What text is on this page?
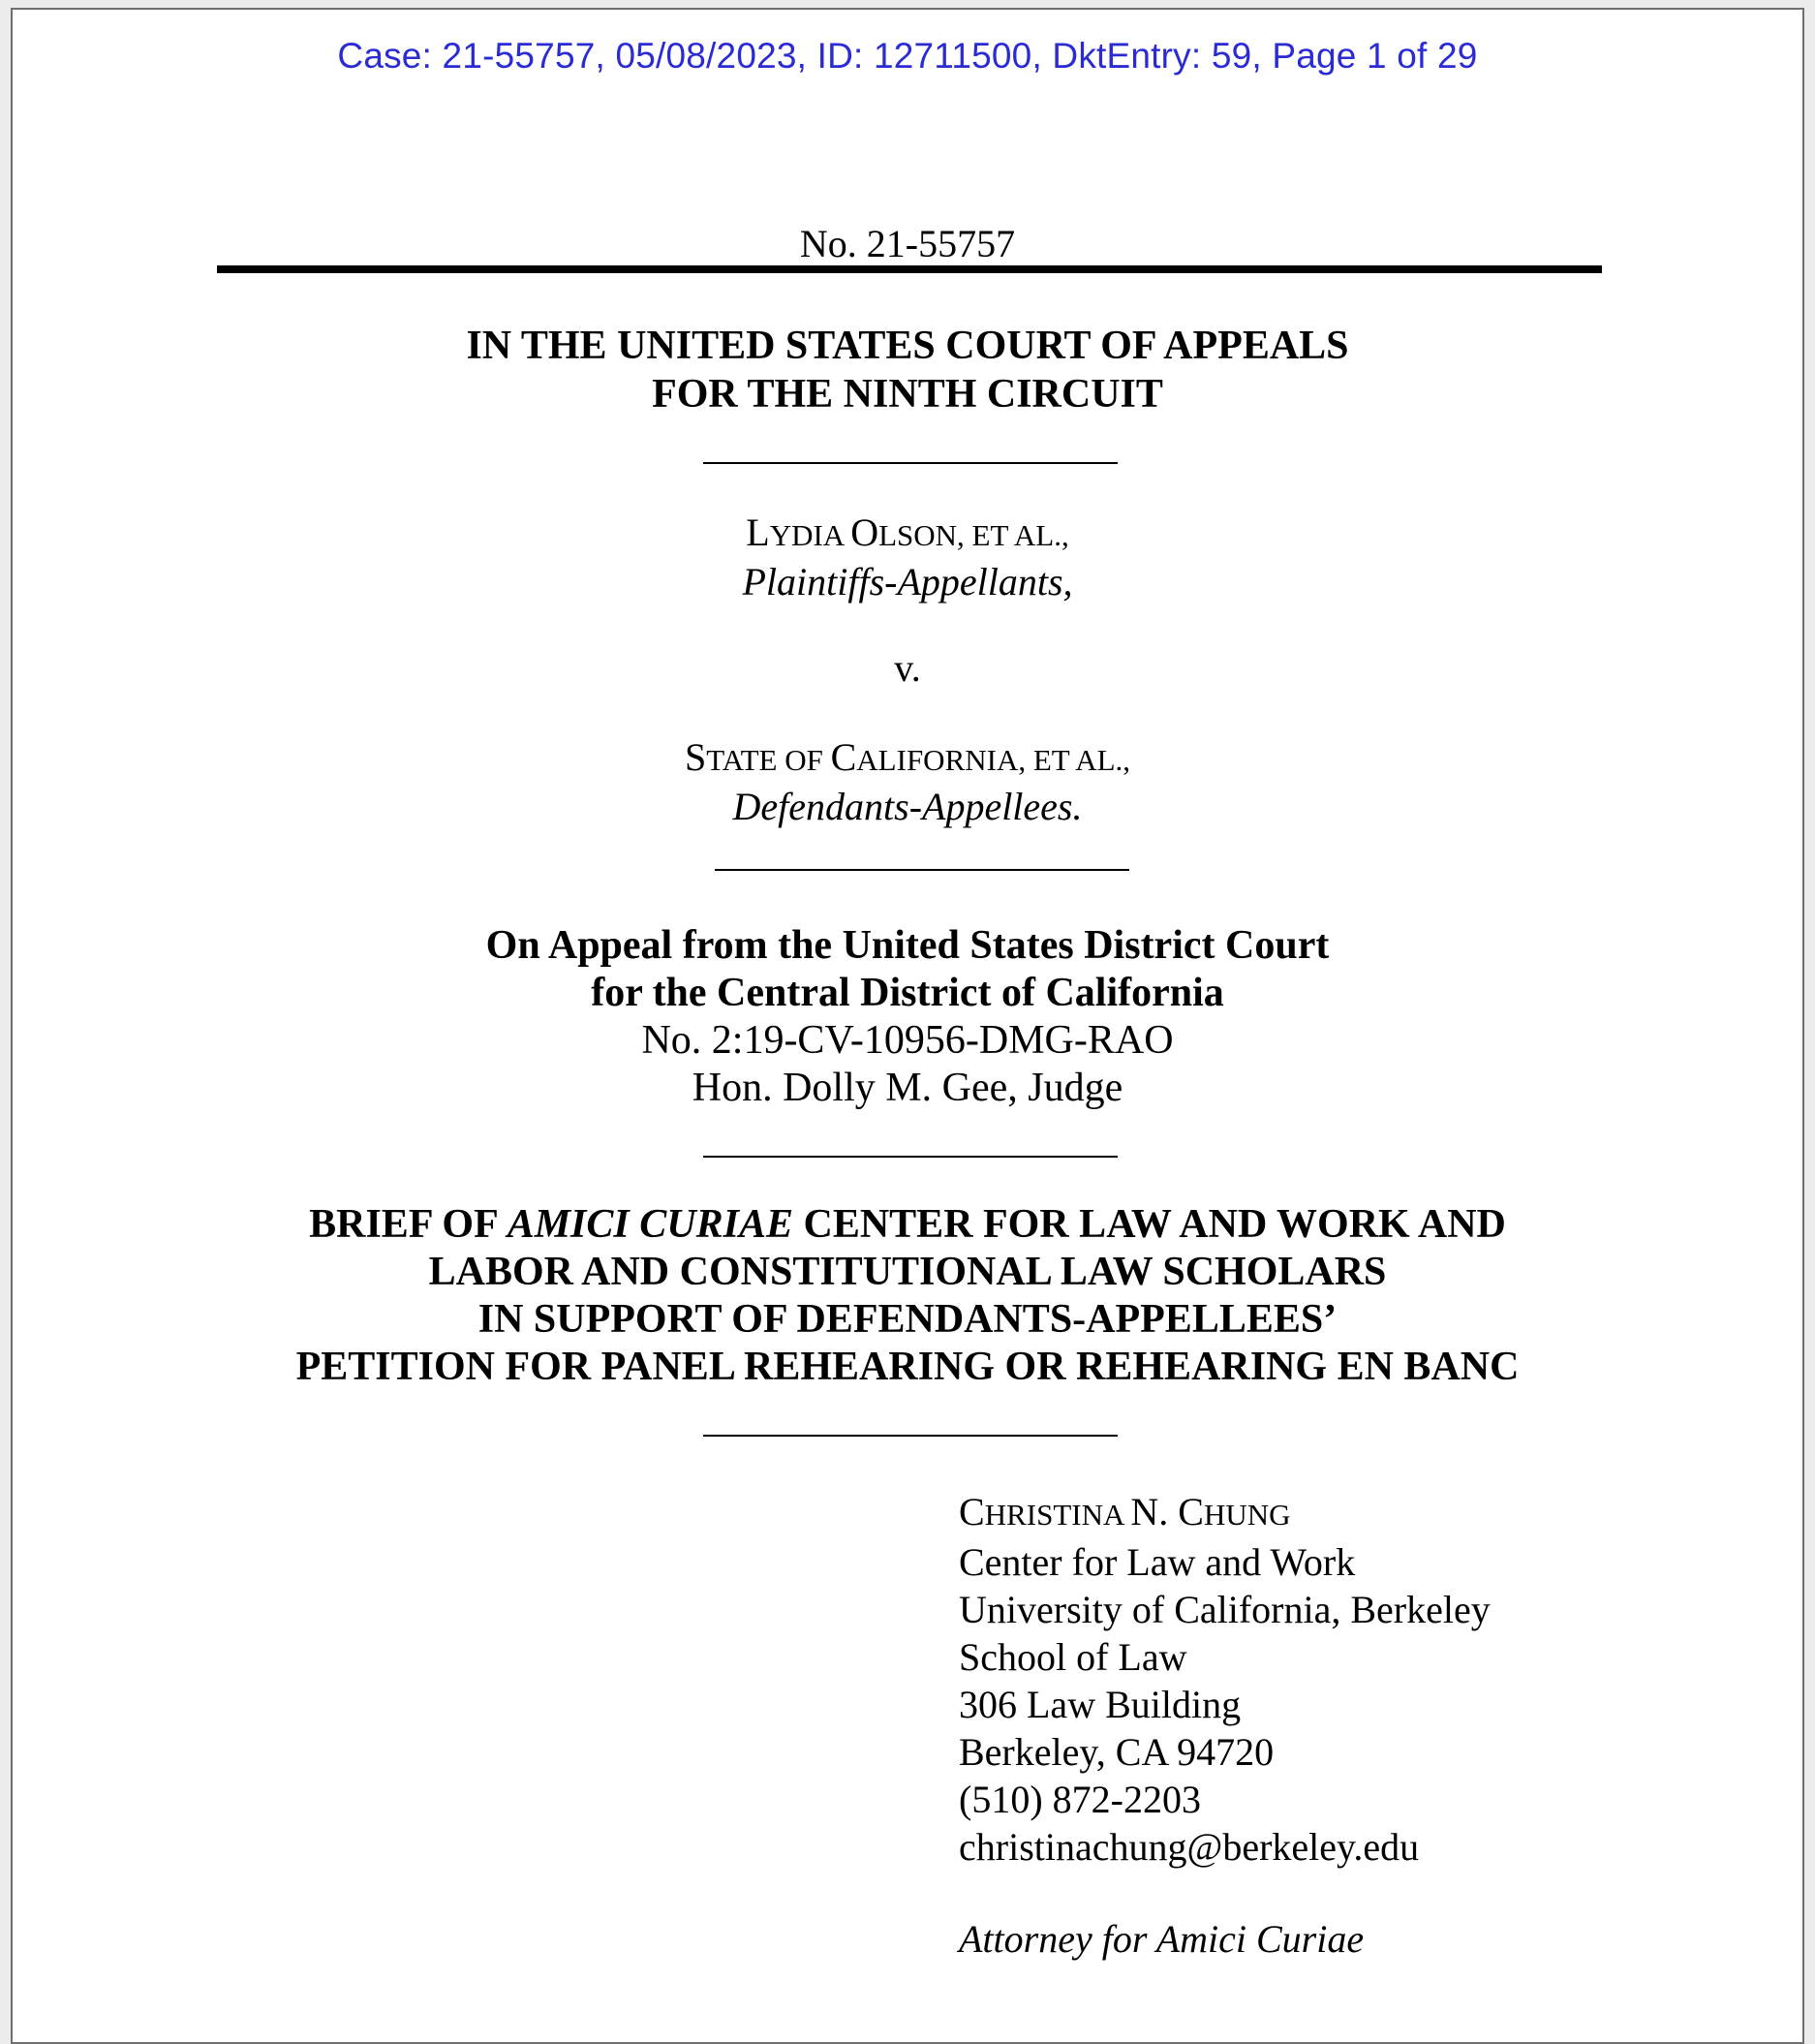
Case: 21-55757, 05/08/2023, ID: 12711500, DktEntry: 59, Page 1 of 29
No. 21-55757
IN THE UNITED STATES COURT OF APPEALS
FOR THE NINTH CIRCUIT
LYDIA OLSON, ET AL.,
Plaintiffs-Appellants,
v.
STATE OF CALIFORNIA, ET AL.,
Defendants-Appellees.
On Appeal from the United States District Court
for the Central District of California
No. 2:19-CV-10956-DMG-RAO
Hon. Dolly M. Gee, Judge
BRIEF OF AMICI CURIAE CENTER FOR LAW AND WORK AND
LABOR AND CONSTITUTIONAL LAW SCHOLARS
IN SUPPORT OF DEFENDANTS-APPELLEES’
PETITION FOR PANEL REHEARING OR REHEARING EN BANC
CHRISTINA N. CHUNG
Center for Law and Work
University of California, Berkeley
School of Law
306 Law Building
Berkeley, CA 94720
(510) 872-2203
christinachung@berkeley.edu
Attorney for Amici Curiae
